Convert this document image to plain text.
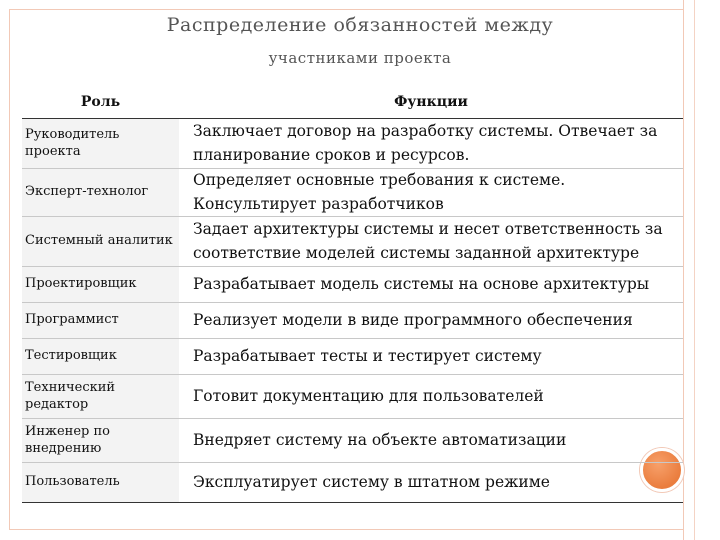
Распределение обязанностей между
участниками проекта
Роль	Функции
Руководитель проекта	Заключает договор на разработку системы. Отвечает за планирование сроков и ресурсов.
Эксперт-технолог	Определяет основные требования к системе. Консультирует разработчиков
Системный аналитик	Задает архитектуры системы и несет ответственность за соответствие моделей системы заданной архитектуре
Проектировщик	Разрабатывает модель системы на основе архитектуры
Программист	Реализует модели в виде программного обеспечения
Тестировщик	Разрабатывает тесты и тестирует систему
Технический редактор	Готовит документацию для пользователей
Инженер по внедрению	Внедряет систему на объекте автоматизации
Пользователь	Эксплуатирует систему в штатном режиме
